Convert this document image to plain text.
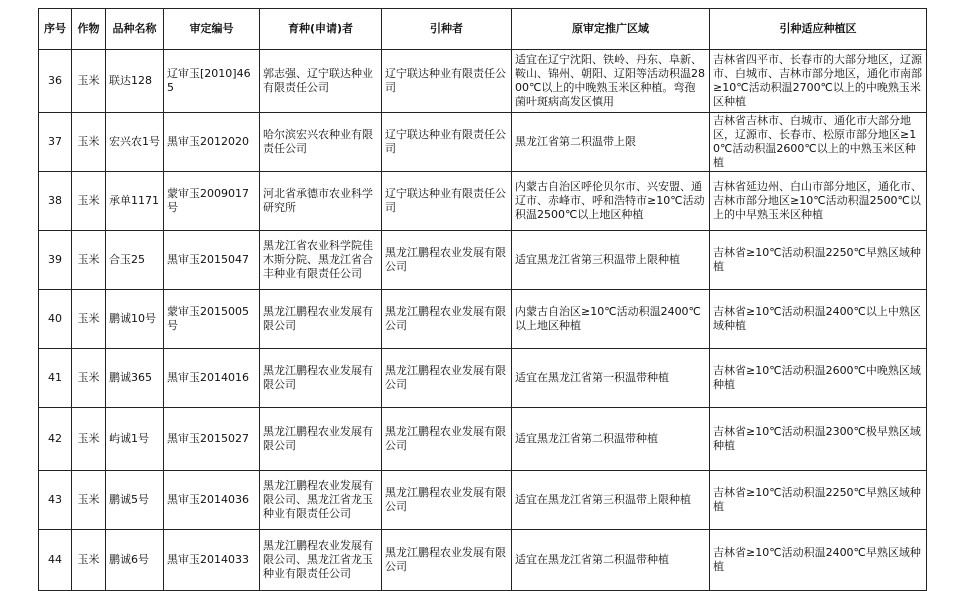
序号	作物	品种名称	审定编号	育种(申请)者	引种者	原审定推广区域	引种适应种植区
36	玉米	联达128	辽审玉[2010]465	郭志强、辽宁联达种业有限责任公司	辽宁联达种业有限责任公司	适宜在辽宁沈阳、铁岭、丹东、阜新、鞍山、锦州、朝阳、辽阳等活动积温2800℃以上的中晚熟玉米区种植。弯孢菌叶斑病高发区慎用	吉林省四平市、长春市的大部分地区，辽源市、白城市、吉林市部分地区，通化市南部≥10℃活动积温2700℃以上的中晚熟玉米区种植
37	玉米	宏兴农1号	黑审玉2012020	哈尔滨宏兴农种业有限责任公司	辽宁联达种业有限责任公司	黑龙江省第二积温带上限	吉林省吉林市、白城市、通化市大部分地区，辽源市、长春市、松原市部分地区≥10℃活动积温2600℃以上的中熟玉米区种植
38	玉米	承单1171	蒙审玉2009017号	河北省承德市农业科学研究所	辽宁联达种业有限责任公司	内蒙古自治区呼伦贝尔市、兴安盟、通辽市、赤峰市、呼和浩特市≥10℃活动积温2500℃以上地区种植	吉林省延边州、白山市部分地区，通化市、吉林市部分地区≥10℃活动积温2500℃以上的中早熟玉米区种植
39	玉米	合玉25	黑审玉2015047	黑龙江省农业科学院佳木斯分院、黑龙江省合丰种业有限责任公司	黑龙江鹏程农业发展有限公司	适宜黑龙江省第三积温带上限种植	吉林省≥10℃活动积温2250℃早熟区域种植
40	玉米	鹏诚10号	蒙审玉2015005号	黑龙江鹏程农业发展有限公司	黑龙江鹏程农业发展有限公司	内蒙古自治区≥10℃活动积温2400℃以上地区种植	吉林省≥10℃活动积温2400℃以上中熟区域种植
41	玉米	鹏诚365	黑审玉2014016	黑龙江鹏程农业发展有限公司	黑龙江鹏程农业发展有限公司	适宜在黑龙江省第一积温带种植	吉林省≥10℃活动积温2600℃中晚熟区域种植
42	玉米	屿诚1号	黑审玉2015027	黑龙江鹏程农业发展有限公司	黑龙江鹏程农业发展有限公司	适宜黑龙江省第二积温带种植	吉林省≥10℃活动积温2300℃极早熟区域种植
43	玉米	鹏诚5号	黑审玉2014036	黑龙江鹏程农业发展有限公司、黑龙江省龙玉种业有限责任公司	黑龙江鹏程农业发展有限公司	适宜在黑龙江省第三积温带上限种植	吉林省≥10℃活动积温2250℃早熟区域种植
44	玉米	鹏诚6号	黑审玉2014033	黑龙江鹏程农业发展有限公司、黑龙江省龙玉种业有限责任公司	黑龙江鹏程农业发展有限公司	适宜在黑龙江省第二积温带种植	吉林省≥10℃活动积温2400℃早熟区域种植
